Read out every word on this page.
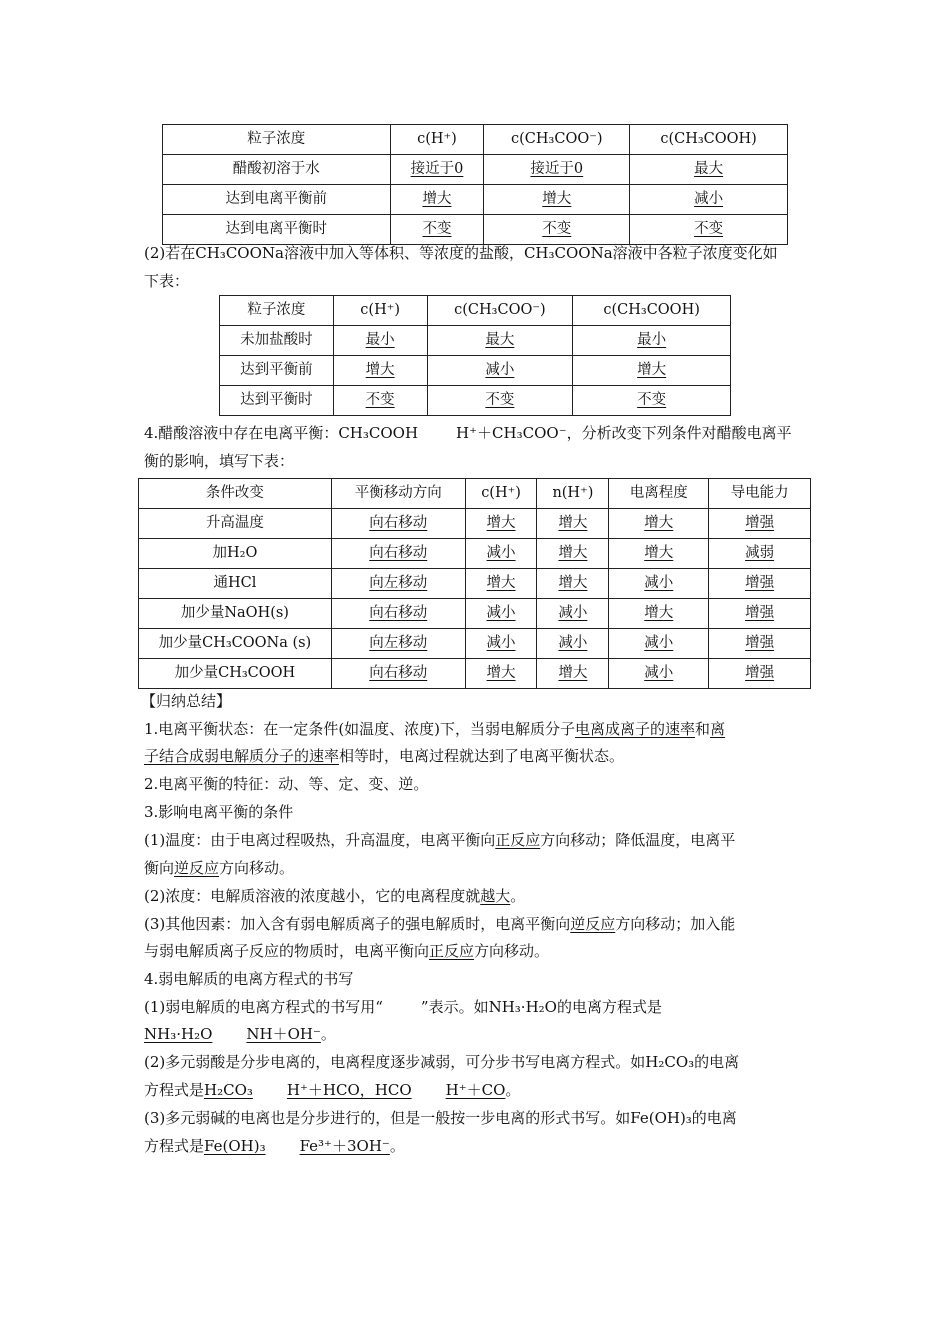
粒子浓度	c(H⁺)	c(CH₃COO⁻)	c(CH₃COOH)
醋酸初溶于水	接近于0	接近于0	最大
达到电离平衡前	增大	增大	减小
达到电离平衡时	不变	不变	不变
(2)若在CH₃COONa溶液中加入等体积、等浓度的盐酸，CH₃COONa溶液中各粒子浓度变化如
下表：
粒子浓度	c(H⁺)	c(CH₃COO⁻)	c(CH₃COOH)
未加盐酸时	最小	最大	最小
达到平衡前	增大	减小	增大
达到平衡时	不变	不变	不变
4.醋酸溶液中存在电离平衡：CH₃COOH	H⁺＋CH₃COO⁻，分析改变下列条件对醋酸电离平
衡的影响，填写下表：
条件改变	平衡移动方向	c(H⁺)	n(H⁺)	电离程度	导电能力
升高温度	向右移动	增大	增大	增大	增强
加H₂O	向右移动	减小	增大	增大	减弱
通HCl	向左移动	增大	增大	减小	增强
加少量NaOH(s)	向右移动	减小	减小	增大	增强
加少量CH₃COONa (s)	向左移动	减小	减小	减小	增强
加少量CH₃COOH	向右移动	增大	增大	减小	增强
【归纳总结】
1.电离平衡状态：在一定条件(如温度、浓度)下，当弱电解质分子电离成离子的速率和离
子结合成弱电解质分子的速率相等时，电离过程就达到了电离平衡状态。
2.电离平衡的特征：动、等、定、变、逆。
3.影响电离平衡的条件
(1)温度：由于电离过程吸热，升高温度，电离平衡向正反应方向移动；降低温度，电离平
衡向逆反应方向移动。
(2)浓度：电解质溶液的浓度越小，它的电离程度就越大。
(3)其他因素：加入含有弱电解质离子的强电解质时，电离平衡向逆反应方向移动；加入能
与弱电解质离子反应的物质时，电离平衡向正反应方向移动。
4.弱电解质的电离方程式的书写
(1)弱电解质的电离方程式的书写用“	”表示。如NH₃·H₂O的电离方程式是
NH₃·H₂O NH＋OH⁻。
(2)多元弱酸是分步电离的，电离程度逐步减弱，可分步书写电离方程式。如H₂CO₃的电离
方程式是H₂CO₃ H⁺＋HCO，HCO H⁺＋CO。
(3)多元弱碱的电离也是分步进行的，但是一般按一步电离的形式书写。如Fe(OH)₃的电离
方程式是Fe(OH)₃ Fe³⁺＋3OH⁻。
